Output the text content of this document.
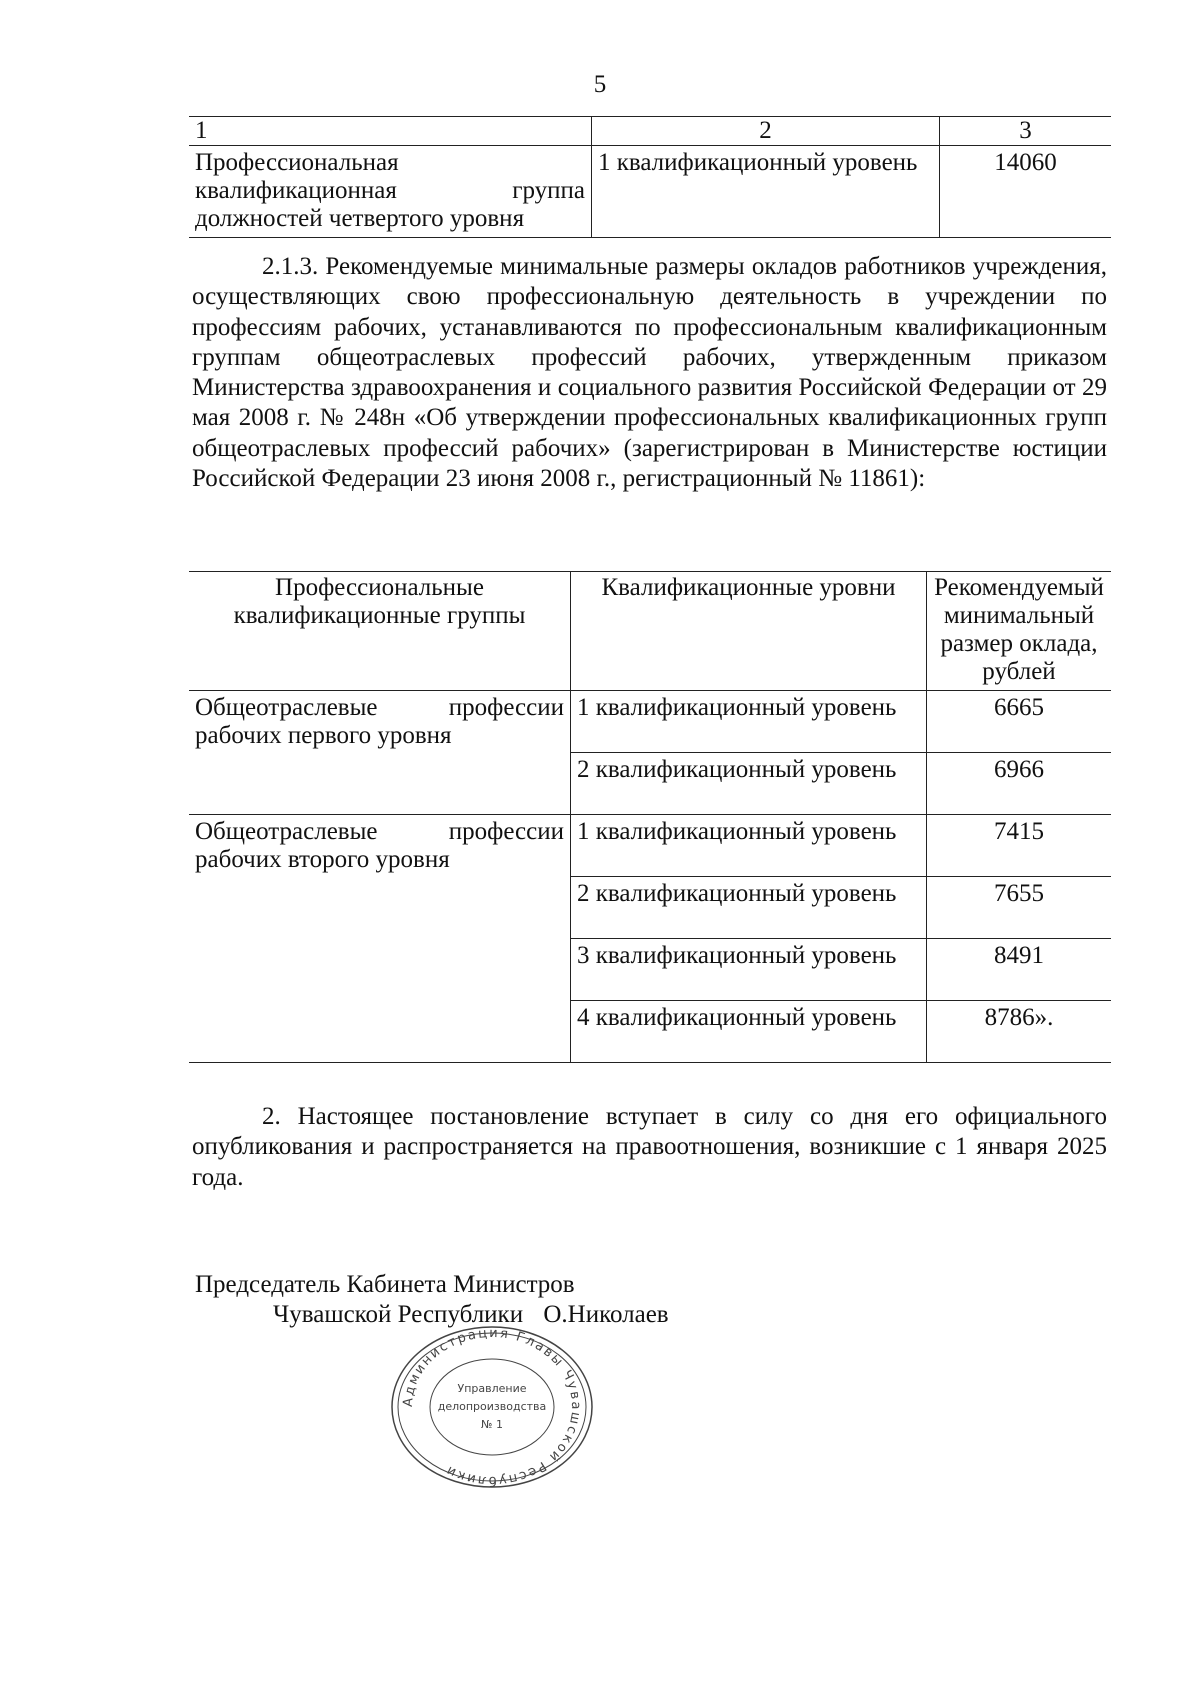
5
1	2	3
Профессиональная квалификационная группа должностей четвертого уровня	1 квалификационный уровень	14060
2.1.3. Рекомендуемые минимальные размеры окладов работников учреждения, осуществляющих свою профессиональную деятельность в учреждении по профессиям рабочих, устанавливаются по профессиональным квалификационным группам общеотраслевых профессий рабочих, утвержденным приказом Министерства здравоохранения и социального развития Российской Федерации от 29 мая 2008 г. № 248н «Об утверждении профессиональных квалификационных групп общеотраслевых профессий рабочих» (зарегистрирован в Министерстве юстиции Российской Федерации 23 июня 2008 г., регистрационный № 11861):
Профессиональные квалификационные группы	Квалификационные уровни	Рекомендуемый минимальный размер оклада, рублей
Общеотраслевые профессии рабочих первого уровня	1 квалификационный уровень	6665
	2 квалификационный уровень	6966
Общеотраслевые профессии рабочих второго уровня	1 квалификационный уровень	7415
	2 квалификационный уровень	7655
	3 квалификационный уровень	8491
	4 квалификационный уровень	8786».
2. Настоящее постановление вступает в силу со дня его официального опубликования и распространяется на правоотношения, возникшие с 1 января 2025 года.
Председатель Кабинета Министров
Чувашской Республики О.Николаев
Администрация Главы Чувашской Республики
Управление
делопроизводства
№ 1
